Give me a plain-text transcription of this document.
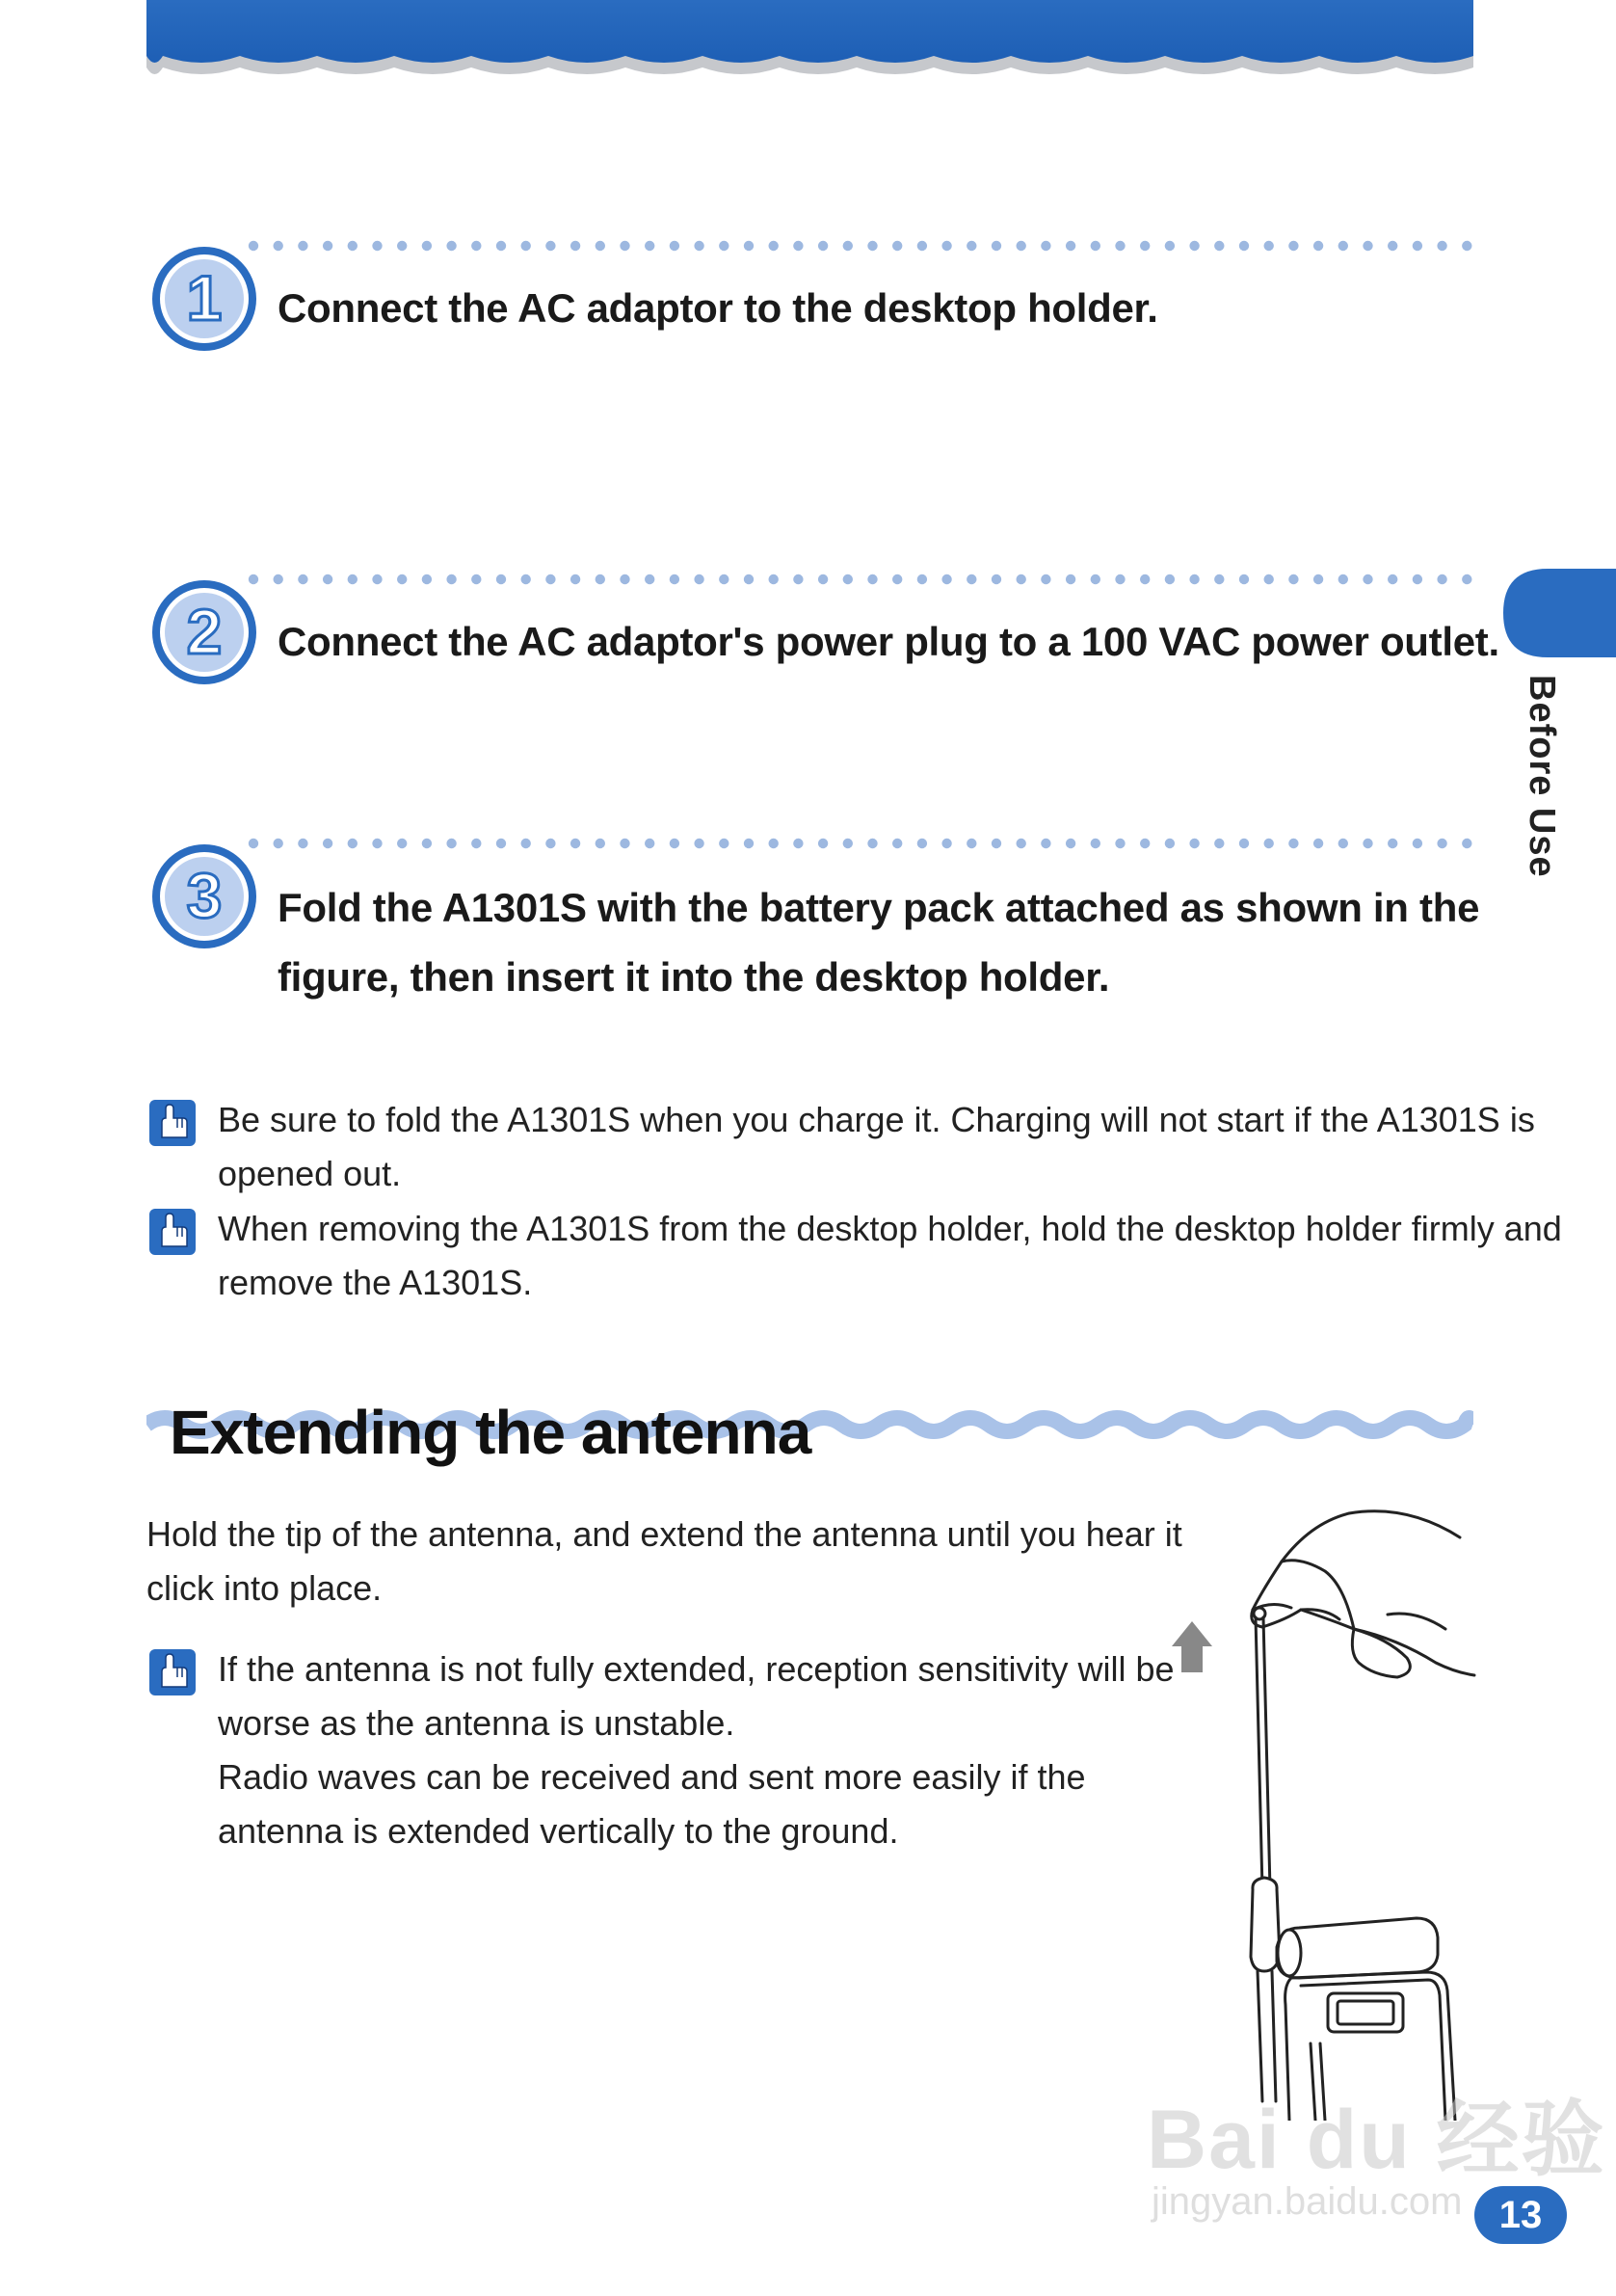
1 Connect the AC adaptor to the desktop holder.
2 Connect the AC adaptor's power plug to a 100 VAC power outlet.
3 Fold the A1301S with the battery pack attached as shown in the
figure, then insert it into the desktop holder.
Be sure to fold the A1301S when you charge it. Charging will not start if the A1301S is
opened out.
When removing the A1301S from the desktop holder, hold the desktop holder firmly and
remove the A1301S.
Extending the antenna
Hold the tip of the antenna, and extend the antenna until you hear it
click into place.
If the antenna is not fully extended, reception sensitivity will be
worse as the antenna is unstable.
Radio waves can be received and sent more easily if the
antenna is extended vertically to the ground.
Before Use
Bai du 经验
jingyan.baidu.com 13
